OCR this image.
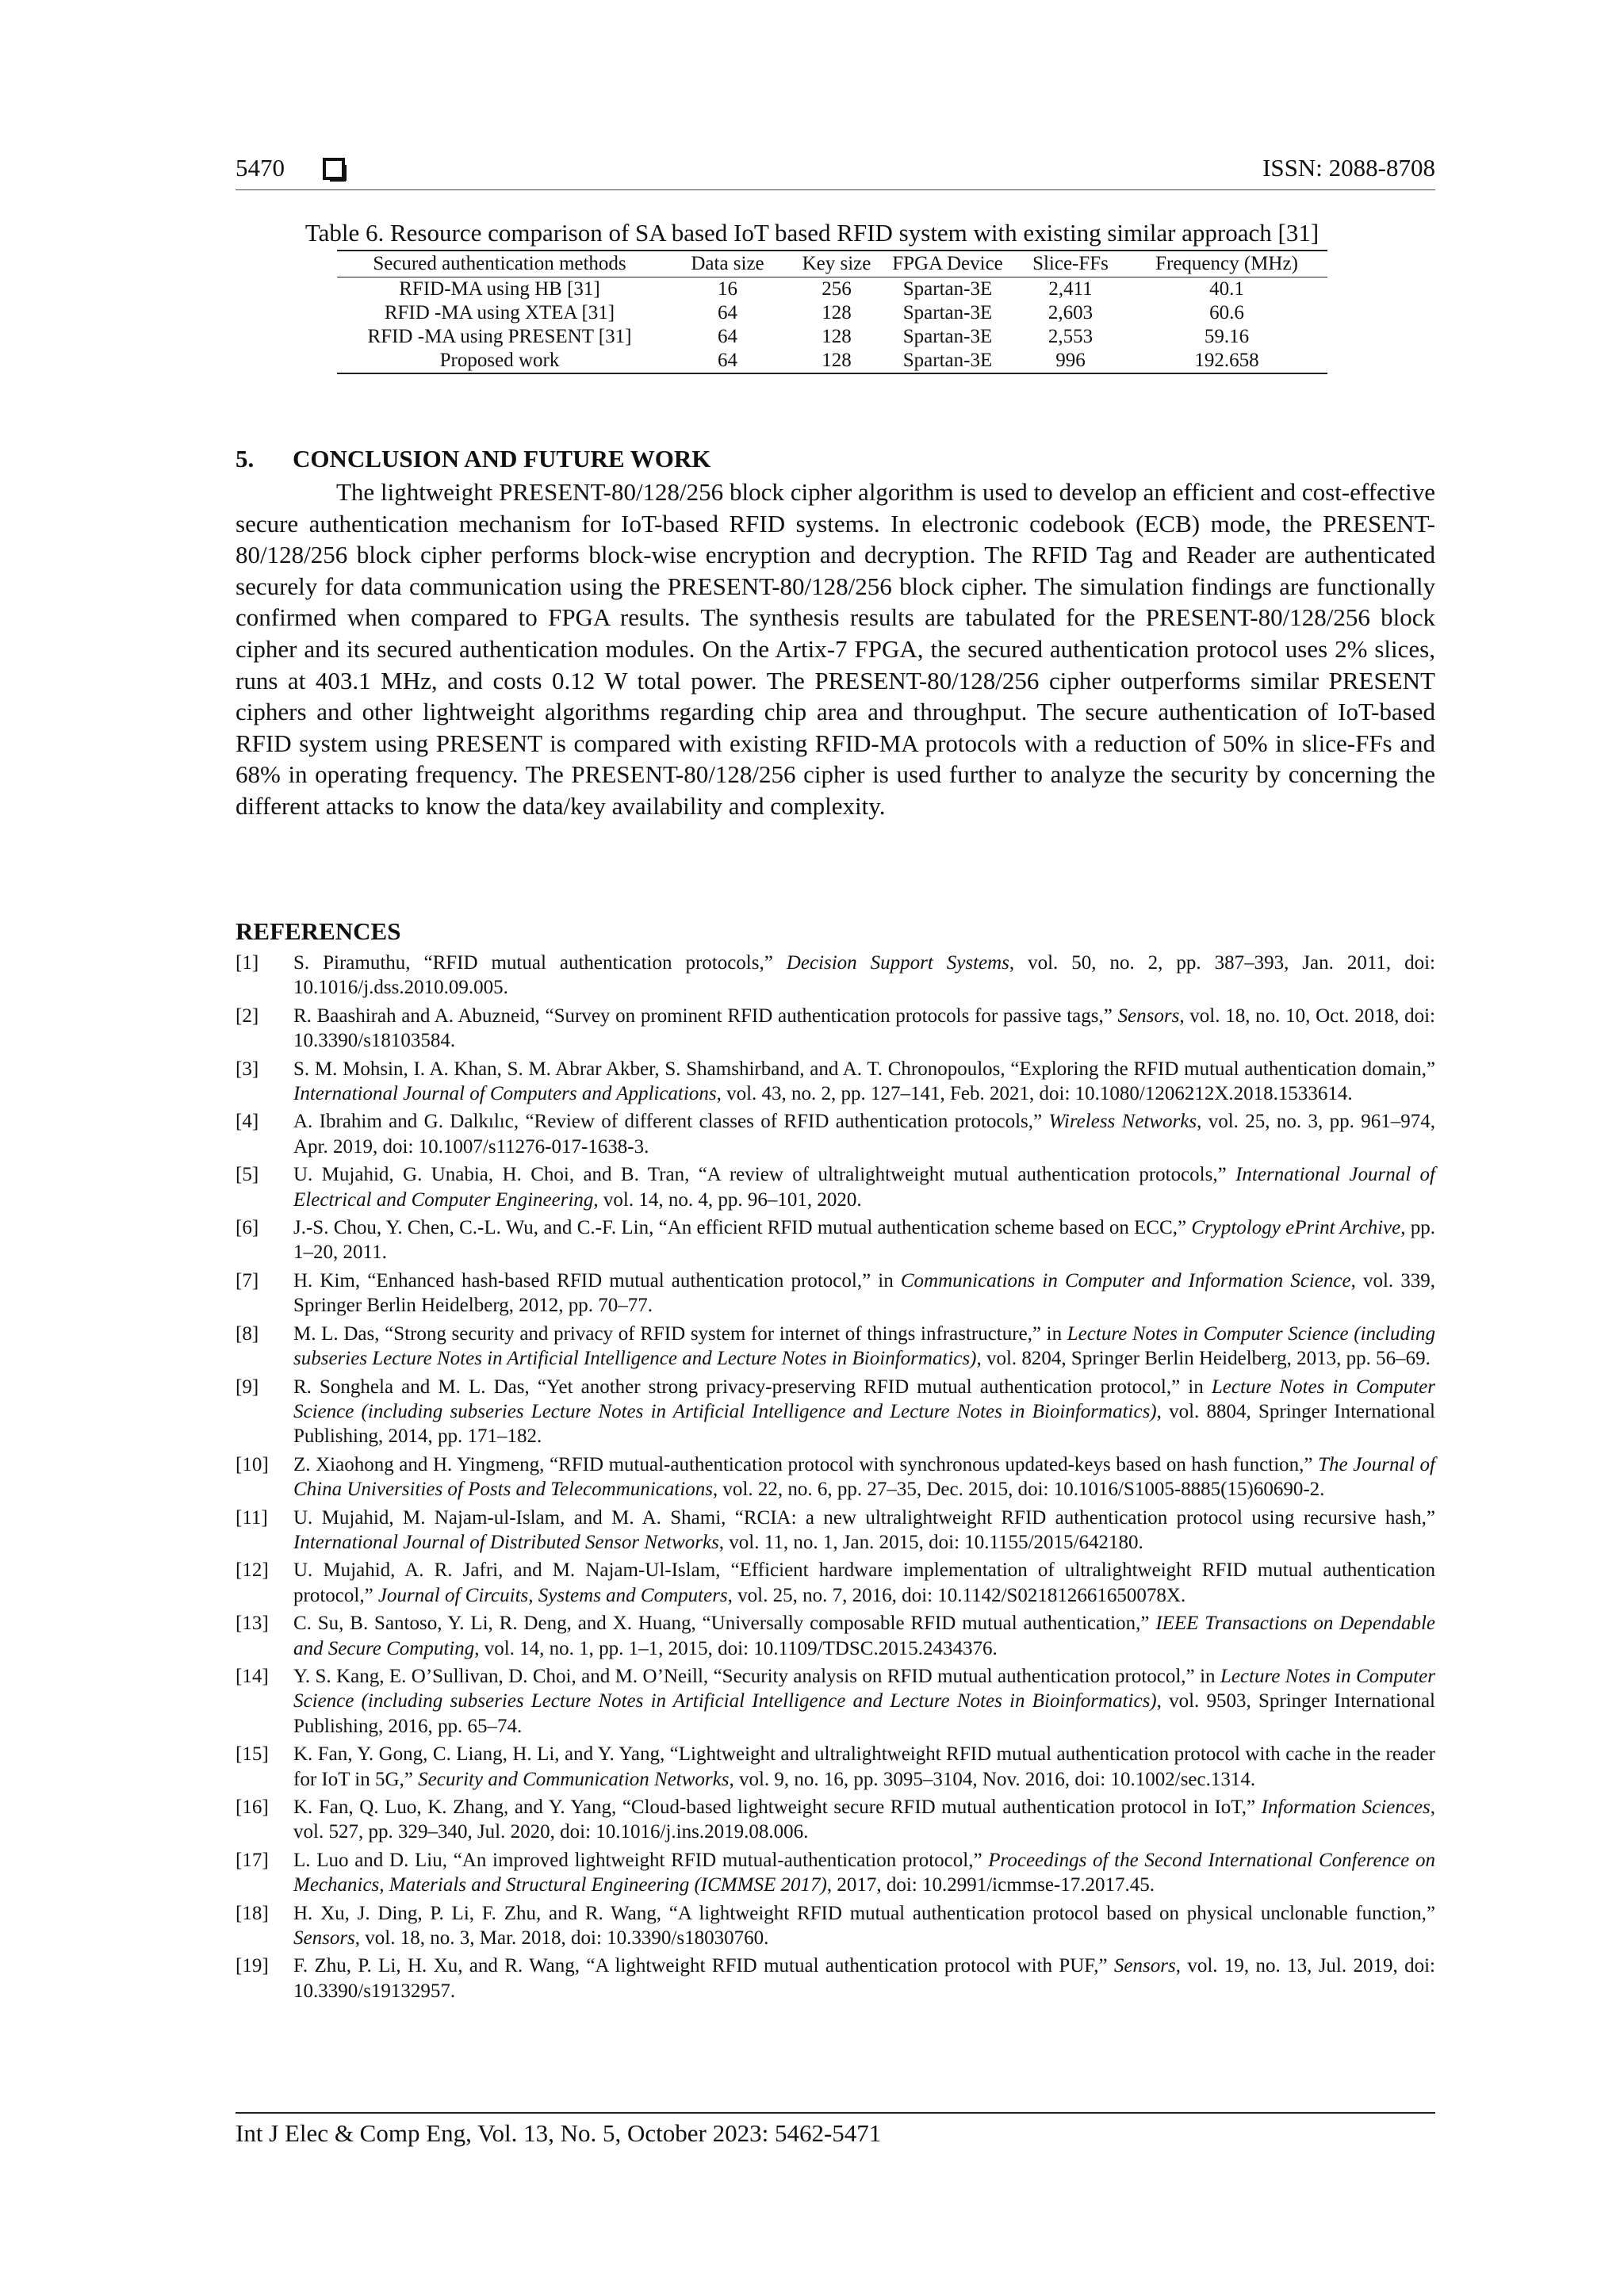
5470	ISSN: 2088-8708
Table 6. Resource comparison of SA based IoT based RFID system with existing similar approach [31]
Secured authentication methods	Data size	Key size	FPGA Device	Slice-FFs	Frequency (MHz)
RFID-MA using HB [31]	16	256	Spartan-3E	2,411	40.1
RFID -MA using XTEA [31]	64	128	Spartan-3E	2,603	60.6
RFID -MA using PRESENT [31]	64	128	Spartan-3E	2,553	59.16
Proposed work	64	128	Spartan-3E	996	192.658
5. CONCLUSION AND FUTURE WORK

The lightweight PRESENT-80/128/256 block cipher algorithm is used to develop an efficient and cost-effective secure authentication mechanism for IoT-based RFID systems. In electronic codebook (ECB) mode, the PRESENT-80/128/256 block cipher performs block-wise encryption and decryption. The RFID Tag and Reader are authenticated securely for data communication using the PRESENT-80/128/256 block cipher. The simulation findings are functionally confirmed when compared to FPGA results. The synthesis results are tabulated for the PRESENT-80/128/256 block cipher and its secured authentication modules. On the Artix-7 FPGA, the secured authentication protocol uses 2% slices, runs at 403.1 MHz, and costs 0.12 W total power. The PRESENT-80/128/256 cipher outperforms similar PRESENT ciphers and other lightweight algorithms regarding chip area and throughput. The secure authentication of IoT-based RFID system using PRESENT is compared with existing RFID-MA protocols with a reduction of 50% in slice-FFs and 68% in operating frequency. The PRESENT-80/128/256 cipher is used further to analyze the security by concerning the different attacks to know the data/key availability and complexity.

REFERENCES
[1]	S. Piramuthu, “RFID mutual authentication protocols,” Decision Support Systems, vol. 50, no. 2, pp. 387–393, Jan. 2011, doi: 10.1016/j.dss.2010.09.005.
[2]	R. Baashirah and A. Abuzneid, “Survey on prominent RFID authentication protocols for passive tags,” Sensors, vol. 18, no. 10, Oct. 2018, doi: 10.3390/s18103584.
[3]	S. M. Mohsin, I. A. Khan, S. M. Abrar Akber, S. Shamshirband, and A. T. Chronopoulos, “Exploring the RFID mutual authentication domain,” International Journal of Computers and Applications, vol. 43, no. 2, pp. 127–141, Feb. 2021, doi: 10.1080/1206212X.2018.1533614.
[4]	A. Ibrahim and G. Dalkılıc, “Review of different classes of RFID authentication protocols,” Wireless Networks, vol. 25, no. 3, pp. 961–974, Apr. 2019, doi: 10.1007/s11276-017-1638-3.
[5]	U. Mujahid, G. Unabia, H. Choi, and B. Tran, “A review of ultralightweight mutual authentication protocols,” International Journal of Electrical and Computer Engineering, vol. 14, no. 4, pp. 96–101, 2020.
[6]	J.-S. Chou, Y. Chen, C.-L. Wu, and C.-F. Lin, “An efficient RFID mutual authentication scheme based on ECC,” Cryptology ePrint Archive, pp. 1–20, 2011.
[7]	H. Kim, “Enhanced hash-based RFID mutual authentication protocol,” in Communications in Computer and Information Science, vol. 339, Springer Berlin Heidelberg, 2012, pp. 70–77.
[8]	M. L. Das, “Strong security and privacy of RFID system for internet of things infrastructure,” in Lecture Notes in Computer Science (including subseries Lecture Notes in Artificial Intelligence and Lecture Notes in Bioinformatics), vol. 8204, Springer Berlin Heidelberg, 2013, pp. 56–69.
[9]	R. Songhela and M. L. Das, “Yet another strong privacy-preserving RFID mutual authentication protocol,” in Lecture Notes in Computer Science (including subseries Lecture Notes in Artificial Intelligence and Lecture Notes in Bioinformatics), vol. 8804, Springer International Publishing, 2014, pp. 171–182.
[10]	Z. Xiaohong and H. Yingmeng, “RFID mutual-authentication protocol with synchronous updated-keys based on hash function,” The Journal of China Universities of Posts and Telecommunications, vol. 22, no. 6, pp. 27–35, Dec. 2015, doi: 10.1016/S1005-8885(15)60690-2.
[11]	U. Mujahid, M. Najam-ul-Islam, and M. A. Shami, “RCIA: a new ultralightweight RFID authentication protocol using recursive hash,” International Journal of Distributed Sensor Networks, vol. 11, no. 1, Jan. 2015, doi: 10.1155/2015/642180.
[12]	U. Mujahid, A. R. Jafri, and M. Najam-Ul-Islam, “Efficient hardware implementation of ultralightweight RFID mutual authentication protocol,” Journal of Circuits, Systems and Computers, vol. 25, no. 7, 2016, doi: 10.1142/S021812661650078X.
[13]	C. Su, B. Santoso, Y. Li, R. Deng, and X. Huang, “Universally composable RFID mutual authentication,” IEEE Transactions on Dependable and Secure Computing, vol. 14, no. 1, pp. 1–1, 2015, doi: 10.1109/TDSC.2015.2434376.
[14]	Y. S. Kang, E. O’Sullivan, D. Choi, and M. O’Neill, “Security analysis on RFID mutual authentication protocol,” in Lecture Notes in Computer Science (including subseries Lecture Notes in Artificial Intelligence and Lecture Notes in Bioinformatics), vol. 9503, Springer International Publishing, 2016, pp. 65–74.
[15]	K. Fan, Y. Gong, C. Liang, H. Li, and Y. Yang, “Lightweight and ultralightweight RFID mutual authentication protocol with cache in the reader for IoT in 5G,” Security and Communication Networks, vol. 9, no. 16, pp. 3095–3104, Nov. 2016, doi: 10.1002/sec.1314.
[16]	K. Fan, Q. Luo, K. Zhang, and Y. Yang, “Cloud-based lightweight secure RFID mutual authentication protocol in IoT,” Information Sciences, vol. 527, pp. 329–340, Jul. 2020, doi: 10.1016/j.ins.2019.08.006.
[17]	L. Luo and D. Liu, “An improved lightweight RFID mutual-authentication protocol,” Proceedings of the Second International Conference on Mechanics, Materials and Structural Engineering (ICMMSE 2017), 2017, doi: 10.2991/icmmse-17.2017.45.
[18]	H. Xu, J. Ding, P. Li, F. Zhu, and R. Wang, “A lightweight RFID mutual authentication protocol based on physical unclonable function,” Sensors, vol. 18, no. 3, Mar. 2018, doi: 10.3390/s18030760.
[19]	F. Zhu, P. Li, H. Xu, and R. Wang, “A lightweight RFID mutual authentication protocol with PUF,” Sensors, vol. 19, no. 13, Jul. 2019, doi: 10.3390/s19132957.
Int J Elec & Comp Eng, Vol. 13, No. 5, October 2023: 5462-5471
